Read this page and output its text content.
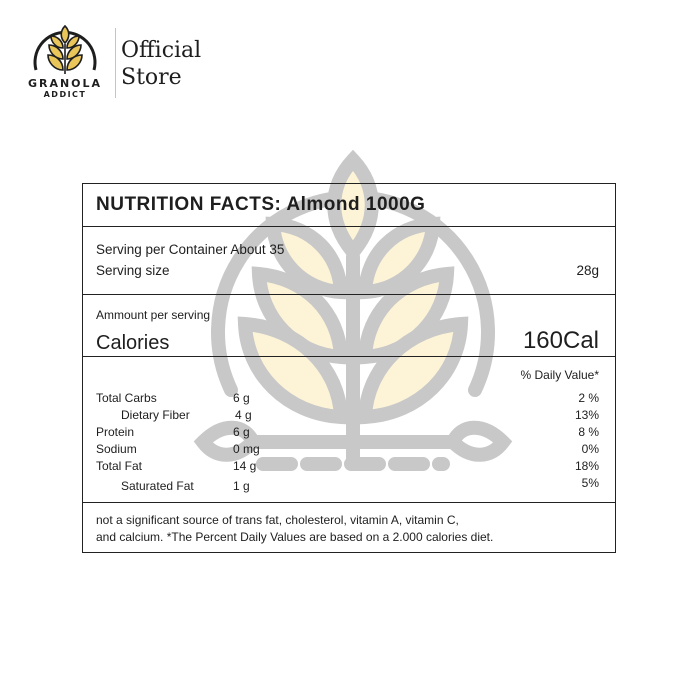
GRANOLA
ADDICT
Official
Store
NUTRITION FACTS: Almond 1000G
Serving per Container About 35
Serving size	28g
Ammount per serving
Calories	160Cal
% Daily Value*
Total Carbs	6 g	2 %
Dietary Fiber	4 g	13%
Protein	6 g	8 %
Sodium	0 mg	0%
Total Fat	14 g	18%
Saturated Fat	1 g	5%
not a significant source of trans fat, cholesterol, vitamin A, vitamin C,
and calcium. *The Percent Daily Values are based on a 2.000 calories diet.
